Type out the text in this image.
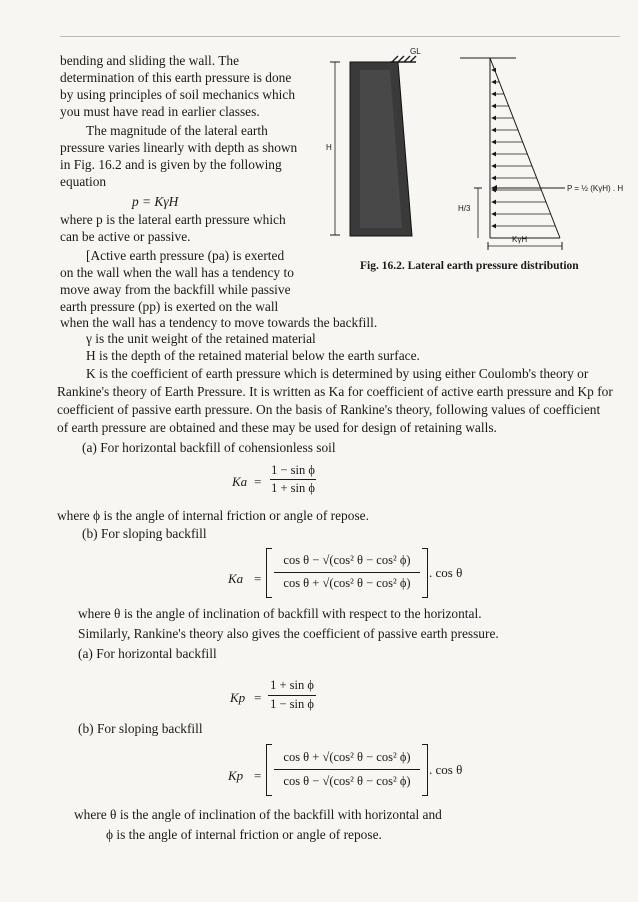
bending and sliding the wall. The
determination of this earth pressure is done
by using principles of soil mechanics which
you must have read in earlier classes.
The magnitude of the lateral earth
pressure varies linearly with depth as shown
in Fig. 16.2 and is given by the following
equation
p = KγH
where p is the lateral earth pressure which
can be active or passive.
[Active earth pressure (pa) is exerted
on the wall when the wall has a tendency to
move away from the backfill while passive
earth pressure (pp) is exerted on the wall
when the wall has a tendency to move towards the backfill.
GL
H
H/3
KγH
P = ½ (KγH) . H
Fig. 16.2. Lateral earth pressure distribution
γ is the unit weight of the retained material
H is the depth of the retained material below the earth surface.
K is the coefficient of earth pressure which is determined by using either Coulomb's theory or
Rankine's theory of Earth Pressure. It is written as Ka for coefficient of active earth pressure and Kp for
coefficient of passive earth pressure. On the basis of Rankine's theory, following values of coefficient
of earth pressure are obtained and these may be used for design of retaining walls.
(a) For horizontal backfill of cohensionless soil
Ka =
1 − sin ϕ
1 + sin ϕ
where ϕ is the angle of internal friction or angle of repose.
(b) For sloping backfill
Ka =
cos θ − √(cos² θ − cos² ϕ)
cos θ + √(cos² θ − cos² ϕ)
. cos θ
where θ is the angle of inclination of backfill with respect to the horizontal.
Similarly, Rankine's theory also gives the coefficient of passive earth pressure.
(a) For horizontal backfill
Kp =
1 + sin ϕ
1 − sin ϕ
(b) For sloping backfill
Kp =
cos θ + √(cos² θ − cos² ϕ)
cos θ − √(cos² θ − cos² ϕ)
. cos θ
where θ is the angle of inclination of the backfill with horizontal and
ϕ is the angle of internal friction or angle of repose.
